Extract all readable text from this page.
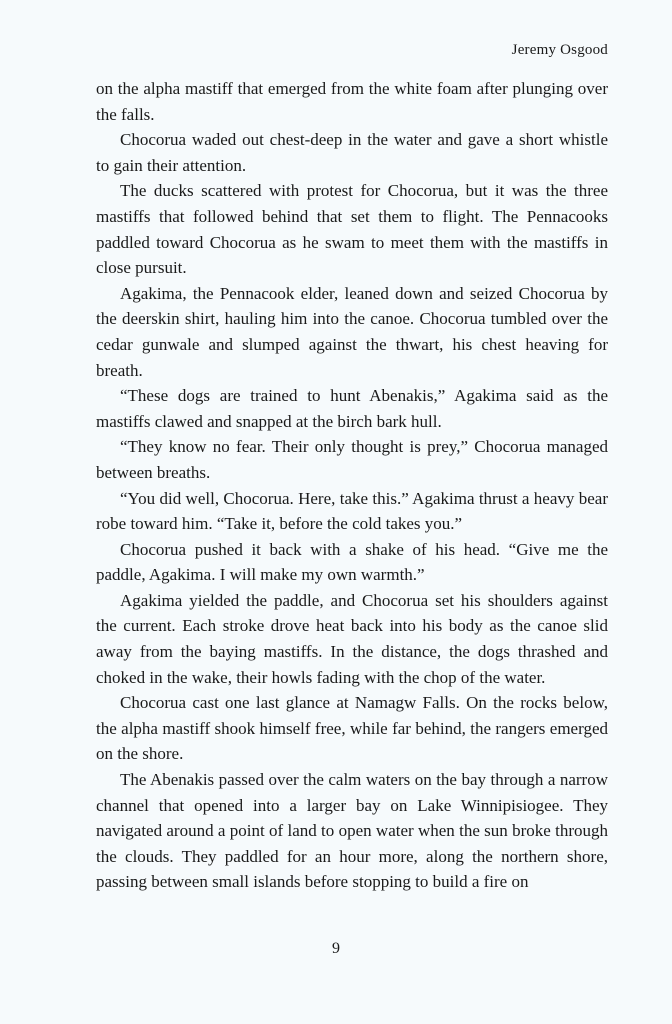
Jeremy Osgood

on the alpha mastiff that emerged from the white foam after plunging over the falls.

Chocorua waded out chest-deep in the water and gave a short whistle to gain their attention.

The ducks scattered with protest for Chocorua, but it was the three mastiffs that followed behind that set them to flight. The Pennacooks paddled toward Chocorua as he swam to meet them with the mastiffs in close pursuit.

Agakima, the Pennacook elder, leaned down and seized Chocorua by the deerskin shirt, hauling him into the canoe. Chocorua tumbled over the cedar gunwale and slumped against the thwart, his chest heaving for breath.

“These dogs are trained to hunt Abenakis,” Agakima said as the mastiffs clawed and snapped at the birch bark hull.

“They know no fear. Their only thought is prey,” Chocorua managed between breaths.

“You did well, Chocorua. Here, take this.” Agakima thrust a heavy bear robe toward him. “Take it, before the cold takes you.”

Chocorua pushed it back with a shake of his head. “Give me the paddle, Agakima. I will make my own warmth.”

Agakima yielded the paddle, and Chocorua set his shoulders against the current. Each stroke drove heat back into his body as the canoe slid away from the baying mastiffs. In the distance, the dogs thrashed and choked in the wake, their howls fading with the chop of the water.

Chocorua cast one last glance at Namagw Falls. On the rocks below, the alpha mastiff shook himself free, while far behind, the rangers emerged on the shore.

The Abenakis passed over the calm waters on the bay through a narrow channel that opened into a larger bay on Lake Winnipisiogee. They navigated around a point of land to open water when the sun broke through the clouds. They paddled for an hour more, along the northern shore, passing between small islands before stopping to build a fire on

9
